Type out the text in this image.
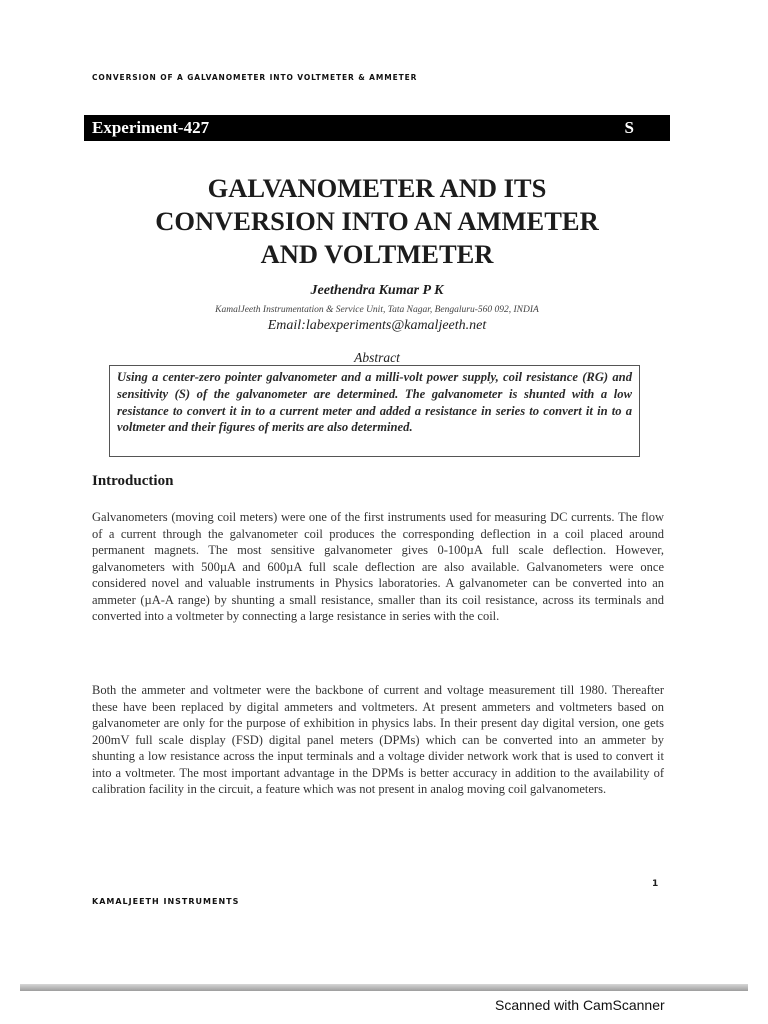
CONVERSION OF A GALVANOMETER INTO VOLTMETER & AMMETER
Experiment-427	S
GALVANOMETER AND ITS
CONVERSION INTO AN AMMETER
AND VOLTMETER
Jeethendra Kumar P K
KamalJeeth Instrumentation & Service Unit, Tata Nagar, Bengaluru-560 092, INDIA
Email:labexperiments@kamaljeeth.net
Abstract
Using a center-zero pointer galvanometer and a milli-volt power supply, coil resistance (RG) and sensitivity (S) of the galvanometer are determined. The galvanometer is shunted with a low resistance to convert it in to a current meter and added a resistance in series to convert it in to a voltmeter and their figures of merits are also determined.
Introduction
Galvanometers (moving coil meters) were one of the first instruments used for measuring DC currents. The flow of a current through the galvanometer coil produces the corresponding deflection in a coil placed around permanent magnets. The most sensitive galvanometer gives 0-100µA full scale deflection. However, galvanometers with 500µA and 600µA full scale deflection are also available. Galvanometers were once considered novel and valuable instruments in Physics laboratories. A galvanometer can be converted into an ammeter (µA-A range) by shunting a small resistance, smaller than its coil resistance, across its terminals and converted into a voltmeter by connecting a large resistance in series with the coil.
Both the ammeter and voltmeter were the backbone of current and voltage measurement till 1980. Thereafter these have been replaced by digital ammeters and voltmeters. At present ammeters and voltmeters based on galvanometer are only for the purpose of exhibition in physics labs. In their present day digital version, one gets 200mV full scale display (FSD) digital panel meters (DPMs) which can be converted into an ammeter by shunting a low resistance across the input terminals and a voltage divider network work that is used to convert it into a voltmeter. The most important advantage in the DPMs is better accuracy in addition to the availability of calibration facility in the circuit, a feature which was not present in analog moving coil galvanometers.
1
KAMALJEETH INSTRUMENTS
Scanned with CamScanner
